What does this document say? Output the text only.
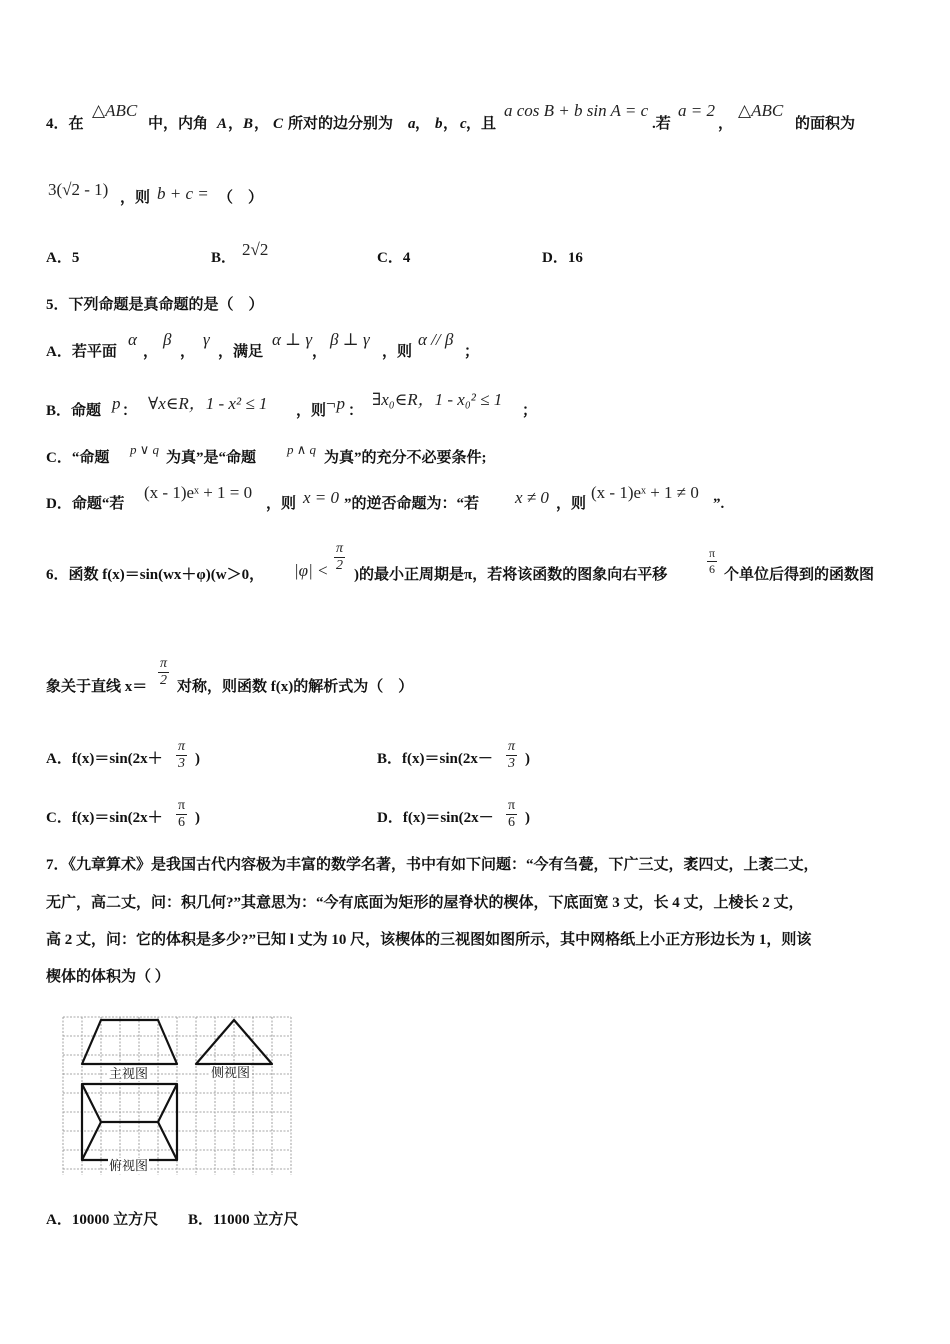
4．在
△ABC
中，内角 A ， B ， C 所对的边分别为 a ， b ， c ，且
a cos B + b sin A = c
.若
a = 2
，
△ABC
的面积为
3(√2 - 1) ，则 b + c = （　）
A．5	B． 2√2	C．4	D．16
5．下列命题是真命题的是（　）
A．若平面
α
，
β
，
γ
，满足
α ⊥ γ
，
β ⊥ γ
，则
α // β
；
B．命题 p ： ∀x∈R，1 - x² ≤ 1 ，则
¬p ：
∃x₀∈R，1 - x₀² ≤ 1
；
C．“命题
p ∨ q
为真”是“命题
p ∧ q
为真”的充分不必要条件;
D．命题“若
(x - 1)eˣ + 1 = 0
，则 x = 0 ”的逆否命题为：“若 x ≠ 0 ，则
(x - 1)eˣ + 1 ≠ 0
”.
6．函数 f(x)＝sin(wx＋φ)(w＞0， $|\varphi| < \frac{\pi}{2}$
)的最小正周期是π，若将该函数的图象向右平移	$\frac{\pi}{6}$ 个单位后得到的函数图
象关于直线 $x= \frac{\pi}{2}$ 对称，则函数 f(x)的解析式为（　）
A．$f(x)=\sin(2x+ \frac{\pi}{3}$ )	B．$f(x)=\sin(2x- \frac{\pi}{3}$ )
C．$f(x)=\sin(2x+ \frac{\pi}{6}$ )	D．$f(x)=\sin(2x- \frac{\pi}{6}$ )
7．《九章算术》是我国古代内容极为丰富的数学名著，书中有如下问题：“今有刍甍，下广三丈，袤四丈，上袤二丈，
无广，高二丈，问：积几何?”其意思为：“今有底面为矩形的屋脊状的楔体，下底面宽 3 丈，长 4 丈，上棱长 2 丈，
高 2 丈，问：它的体积是多少?”已知 l 丈为 10 尺，该楔体的三视图如图所示，其中网格纸上小正方形边长为 1，则该
楔体的体积为（ ）
主视图	侧视图
俯视图
A．10000 立方尺 B．11000 立方尺
